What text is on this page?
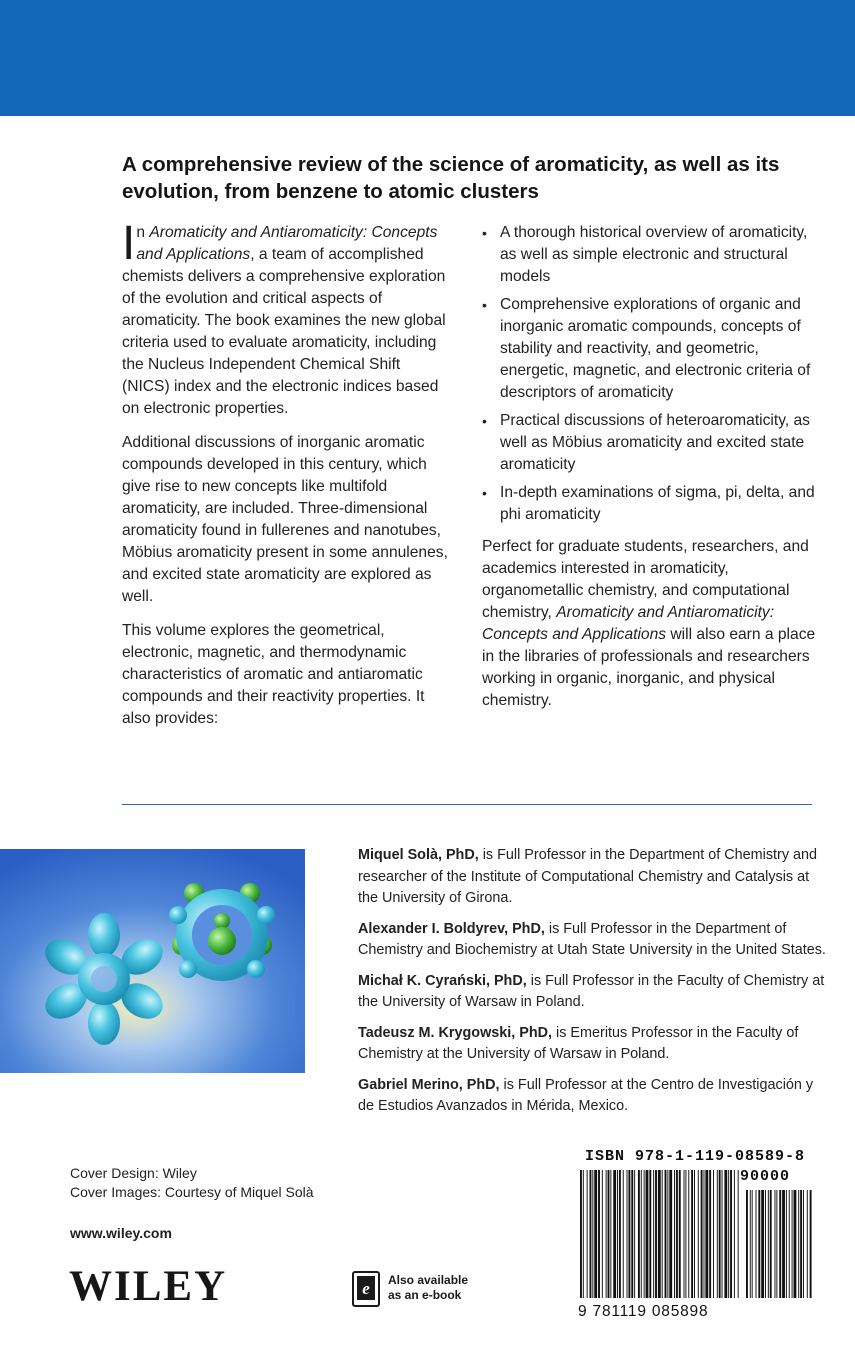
A comprehensive review of the science of aromaticity, as well as its evolution, from benzene to atomic clusters

In Aromaticity and Antiaromaticity: Concepts and Applications, a team of accomplished chemists delivers a comprehensive exploration of the evolution and critical aspects of aromaticity. The book examines the new global criteria used to evaluate aromaticity, including the Nucleus Independent Chemical Shift (NICS) index and the electronic indices based on electronic properties.

Additional discussions of inorganic aromatic compounds developed in this century, which give rise to new concepts like multifold aromaticity, are included. Three-dimensional aromaticity found in fullerenes and nanotubes, Möbius aromaticity present in some annulenes, and excited state aromaticity are explored as well.

This volume explores the geometrical, electronic, magnetic, and thermodynamic characteristics of aromatic and antiaromatic compounds and their reactivity properties. It also provides:

• A thorough historical overview of aromaticity, as well as simple electronic and structural models
• Comprehensive explorations of organic and inorganic aromatic compounds, concepts of stability and reactivity, and geometric, energetic, magnetic, and electronic criteria of descriptors of aromaticity
• Practical discussions of heteroaromaticity, as well as Möbius aromaticity and excited state aromaticity
• In-depth examinations of sigma, pi, delta, and phi aromaticity

Perfect for graduate students, researchers, and academics interested in aromaticity, organometallic chemistry, and computational chemistry, Aromaticity and Antiaromaticity: Concepts and Applications will also earn a place in the libraries of professionals and researchers working in organic, inorganic, and physical chemistry.

Miquel Solà, PhD, is Full Professor in the Department of Chemistry and researcher of the Institute of Computational Chemistry and Catalysis at the University of Girona.

Alexander I. Boldyrev, PhD, is Full Professor in the Department of Chemistry and Biochemistry at Utah State University in the United States.

Michał K. Cyrański, PhD, is Full Professor in the Faculty of Chemistry at the University of Warsaw in Poland.

Tadeusz M. Krygowski, PhD, is Emeritus Professor in the Faculty of Chemistry at the University of Warsaw in Poland.

Gabriel Merino, PhD, is Full Professor at the Centro de Investigación y de Estudios Avanzados in Mérida, Mexico.

Cover Design: Wiley
Cover Images: Courtesy of Miquel Solà
www.wiley.com
WILEY	e Also available
as an e-book
ISBN 978-1-119-08589-8
90000
9 781119 085898
